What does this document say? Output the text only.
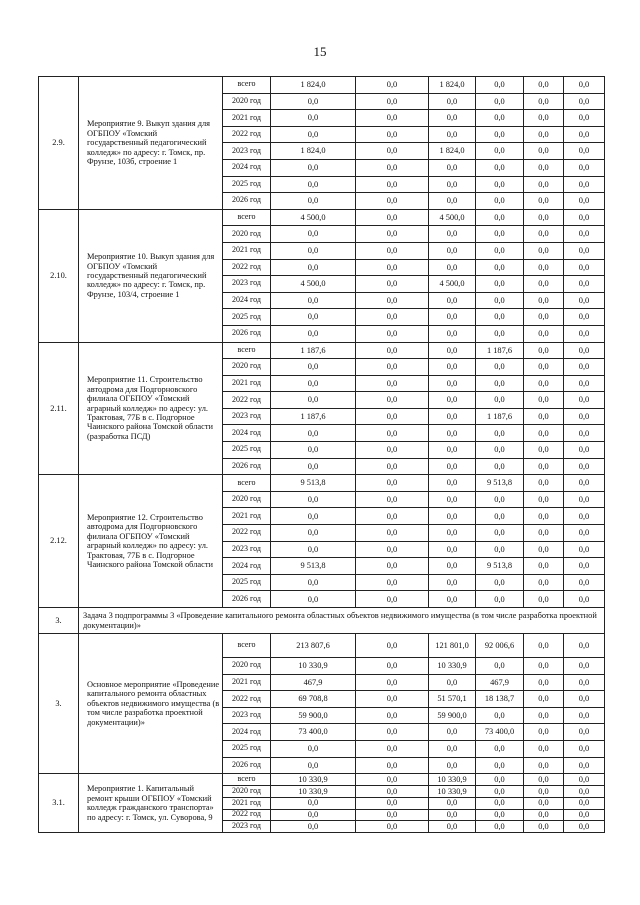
15
2.9.	Мероприятие 9. Выкуп здания для ОГБПОУ «Томский государственный педагогический колледж» по адресу: г. Томск, пр. Фрунзе, 103б, строение 1	всего	1 824,0	0,0	1 824,0	0,0	0,0	0,0
		2020 год	0,0	0,0	0,0	0,0	0,0	0,0
		2021 год	0,0	0,0	0,0	0,0	0,0	0,0
		2022 год	0,0	0,0	0,0	0,0	0,0	0,0
		2023 год	1 824,0	0,0	1 824,0	0,0	0,0	0,0
		2024 год	0,0	0,0	0,0	0,0	0,0	0,0
		2025 год	0,0	0,0	0,0	0,0	0,0	0,0
		2026 год	0,0	0,0	0,0	0,0	0,0	0,0
2.10.	Мероприятие 10. Выкуп здания для ОГБПОУ «Томский государственный педагогический колледж» по адресу: г. Томск, пр. Фрунзе, 103/4, строение 1	всего	4 500,0	0,0	4 500,0	0,0	0,0	0,0
		2020 год	0,0	0,0	0,0	0,0	0,0	0,0
		2021 год	0,0	0,0	0,0	0,0	0,0	0,0
		2022 год	0,0	0,0	0,0	0,0	0,0	0,0
		2023 год	4 500,0	0,0	4 500,0	0,0	0,0	0,0
		2024 год	0,0	0,0	0,0	0,0	0,0	0,0
		2025 год	0,0	0,0	0,0	0,0	0,0	0,0
		2026 год	0,0	0,0	0,0	0,0	0,0	0,0
2.11.	Мероприятие 11. Строительство автодрома для Подгорновского филиала ОГБПОУ «Томский аграрный колледж» по адресу: ул. Трактовая, 77Б в с. Подгорное Чаинского района Томской области (разработка ПСД)	всего	1 187,6	0,0	0,0	1 187,6	0,0	0,0
		2020 год	0,0	0,0	0,0	0,0	0,0	0,0
		2021 год	0,0	0,0	0,0	0,0	0,0	0,0
		2022 год	0,0	0,0	0,0	0,0	0,0	0,0
		2023 год	1 187,6	0,0	0,0	1 187,6	0,0	0,0
		2024 год	0,0	0,0	0,0	0,0	0,0	0,0
		2025 год	0,0	0,0	0,0	0,0	0,0	0,0
		2026 год	0,0	0,0	0,0	0,0	0,0	0,0
2.12.	Мероприятие 12. Строительство автодрома для Подгорновского филиала ОГБПОУ «Томский аграрный колледж» по адресу: ул. Трактовая, 77Б в с. Подгорное Чаинского района Томской области	всего	9 513,8	0,0	0,0	9 513,8	0,0	0,0
		2020 год	0,0	0,0	0,0	0,0	0,0	0,0
		2021 год	0,0	0,0	0,0	0,0	0,0	0,0
		2022 год	0,0	0,0	0,0	0,0	0,0	0,0
		2023 год	0,0	0,0	0,0	0,0	0,0	0,0
		2024 год	9 513,8	0,0	0,0	9 513,8	0,0	0,0
		2025 год	0,0	0,0	0,0	0,0	0,0	0,0
		2026 год	0,0	0,0	0,0	0,0	0,0	0,0
3.	Задача 3 подпрограммы 3 «Проведение капитального ремонта областных объектов недвижимого имущества (в том числе разработка проектной документации)»							
3.	Основное мероприятие «Проведение капитального ремонта областных объектов недвижимого имущества (в том числе разработка проектной документации)»	всего	213 807,6	0,0	121 801,0	92 006,6	0,0	0,0
		2020 год	10 330,9	0,0	10 330,9	0,0	0,0	0,0
		2021 год	467,9	0,0	0,0	467,9	0,0	0,0
		2022 год	69 708,8	0,0	51 570,1	18 138,7	0,0	0,0
		2023 год	59 900,0	0,0	59 900,0	0,0	0,0	0,0
		2024 год	73 400,0	0,0	0,0	73 400,0	0,0	0,0
		2025 год	0,0	0,0	0,0	0,0	0,0	0,0
		2026 год	0,0	0,0	0,0	0,0	0,0	0,0
3.1.	Мероприятие 1. Капитальный ремонт крыши ОГБПОУ «Томский колледж гражданского транспорта» по адресу: г. Томск, ул. Суворова, 9	всего	10 330,9	0,0	10 330,9	0,0	0,0	0,0
		2020 год	10 330,9	0,0	10 330,9	0,0	0,0	0,0
		2021 год	0,0	0,0	0,0	0,0	0,0	0,0
		2022 год	0,0	0,0	0,0	0,0	0,0	0,0
		2023 год	0,0	0,0	0,0	0,0	0,0	0,0
